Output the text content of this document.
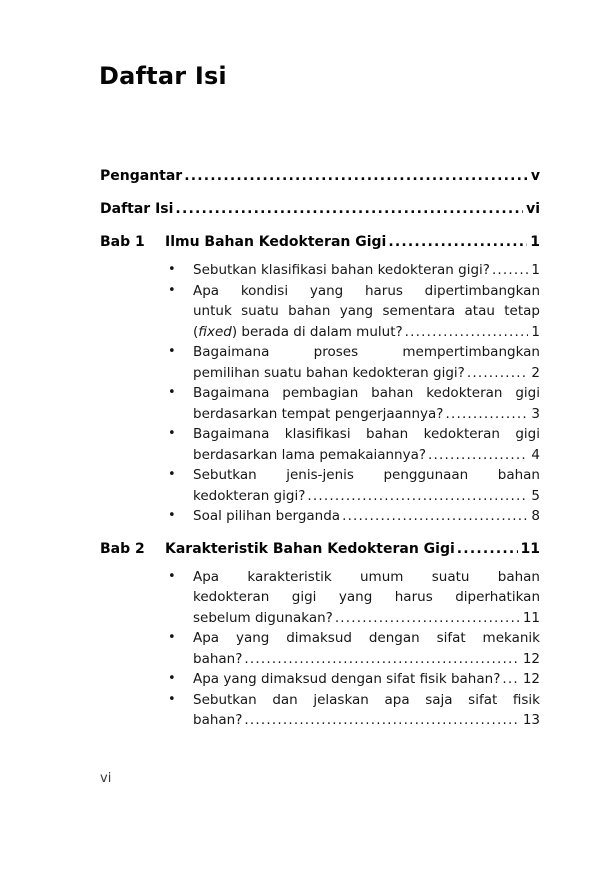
Daftar Isi
Pengantar .....	v
Daftar Isi .....	vi
Bab 1	Ilmu Bahan Kedokteran Gigi .....	1
•	Sebutkan klasifikasi bahan kedokteran gigi? .....	1
•	Apa kondisi yang harus dipertimbangkan
untuk suatu bahan yang sementara atau tetap
(fixed) berada di dalam mulut? .....	1
•	Bagaimana proses mempertimbangkan
pemilihan suatu bahan kedokteran gigi? .....	2
•	Bagaimana pembagian bahan kedokteran gigi
berdasarkan tempat pengerjaannya? .....	3
•	Bagaimana klasifikasi bahan kedokteran gigi
berdasarkan lama pemakaiannya? .....	4
•	Sebutkan jenis-jenis penggunaan bahan
kedokteran gigi? .....	5
•	Soal pilihan berganda .....	8
Bab 2	Karakteristik Bahan Kedokteran Gigi .....	11
•	Apa karakteristik umum suatu bahan
kedokteran gigi yang harus diperhatikan
sebelum digunakan? .....	11
•	Apa yang dimaksud dengan sifat mekanik
bahan? .....	12
•	Apa yang dimaksud dengan sifat fisik bahan? ..... 12
•	Sebutkan dan jelaskan apa saja sifat fisik
bahan? .....	13
vi
